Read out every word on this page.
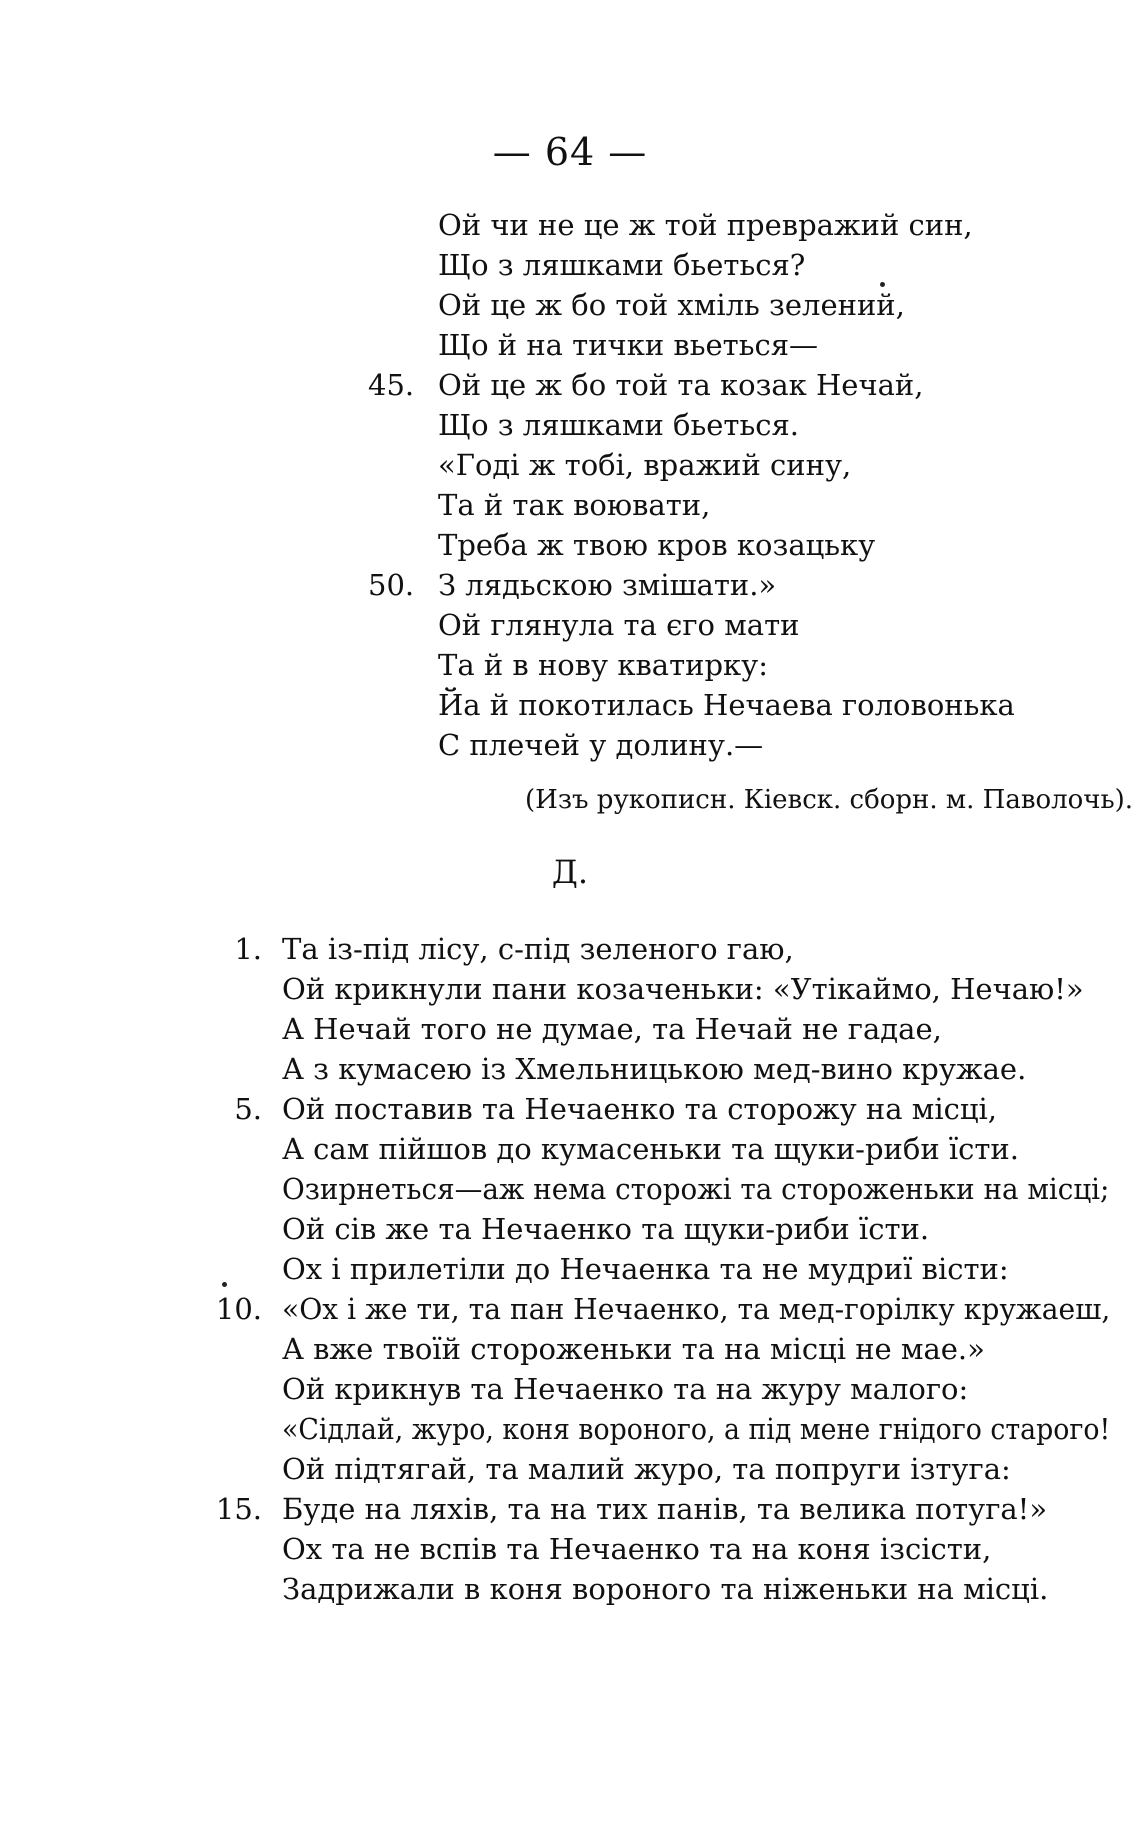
— 64 —
Ой чи не це ж той превражий син,
Що з ляшками бьеться?
Ой це ж бо той хміль зелений,
Що й на тички вьеться—
45. Ой це ж бо той та козак Нечай,
Що з ляшками бьеться.
«Годі ж тобі, вражий сину,
Та й так воювати,
Треба ж твою кров козацьку
50. З лядьскою змішати.»
Ой глянула та єго мати
Та й в нову кватирку:
Йа й покотилась Нечаева головонька
С плечей у долину.—
(Изъ рукописн. Кіевск. сборн. м. Паволочь).
Д.
1. Та із-під лісу, с-під зеленого гаю,
Ой крикнули пани козаченьки: «Утікаймо, Нечаю!»
А Нечай того не думае, та Нечай не гадае,
А з кумасею із Хмельницькою мед-вино кружае.
5. Ой поставив та Нечаенко та сторожу на місці,
А сам пійшов до кумасеньки та щуки-риби їсти.
Озирнеться—аж нема сторожі та стороженьки на місці;
Ой сів же та Нечаенко та щуки-риби їсти.
Ох і прилетіли до Нечаенка та не мудриї вісти:
10. «Ох і же ти, та пан Нечаенко, та мед-горілку кружаеш,
А вже твоїй стороженьки та на місці не мае.»
Ой крикнув та Нечаенко та на журу малого:
«Сідлай, журо, коня вороного, а під мене гнідого старого!
Ой підтягай, та малий журо, та попруги ізтуга:
15. Буде на ляхів, та на тих панів, та велика потуга!»
Ох та не вспів та Нечаенко та на коня ізсісти,
Задрижали в коня вороного та ніженьки на місці.
